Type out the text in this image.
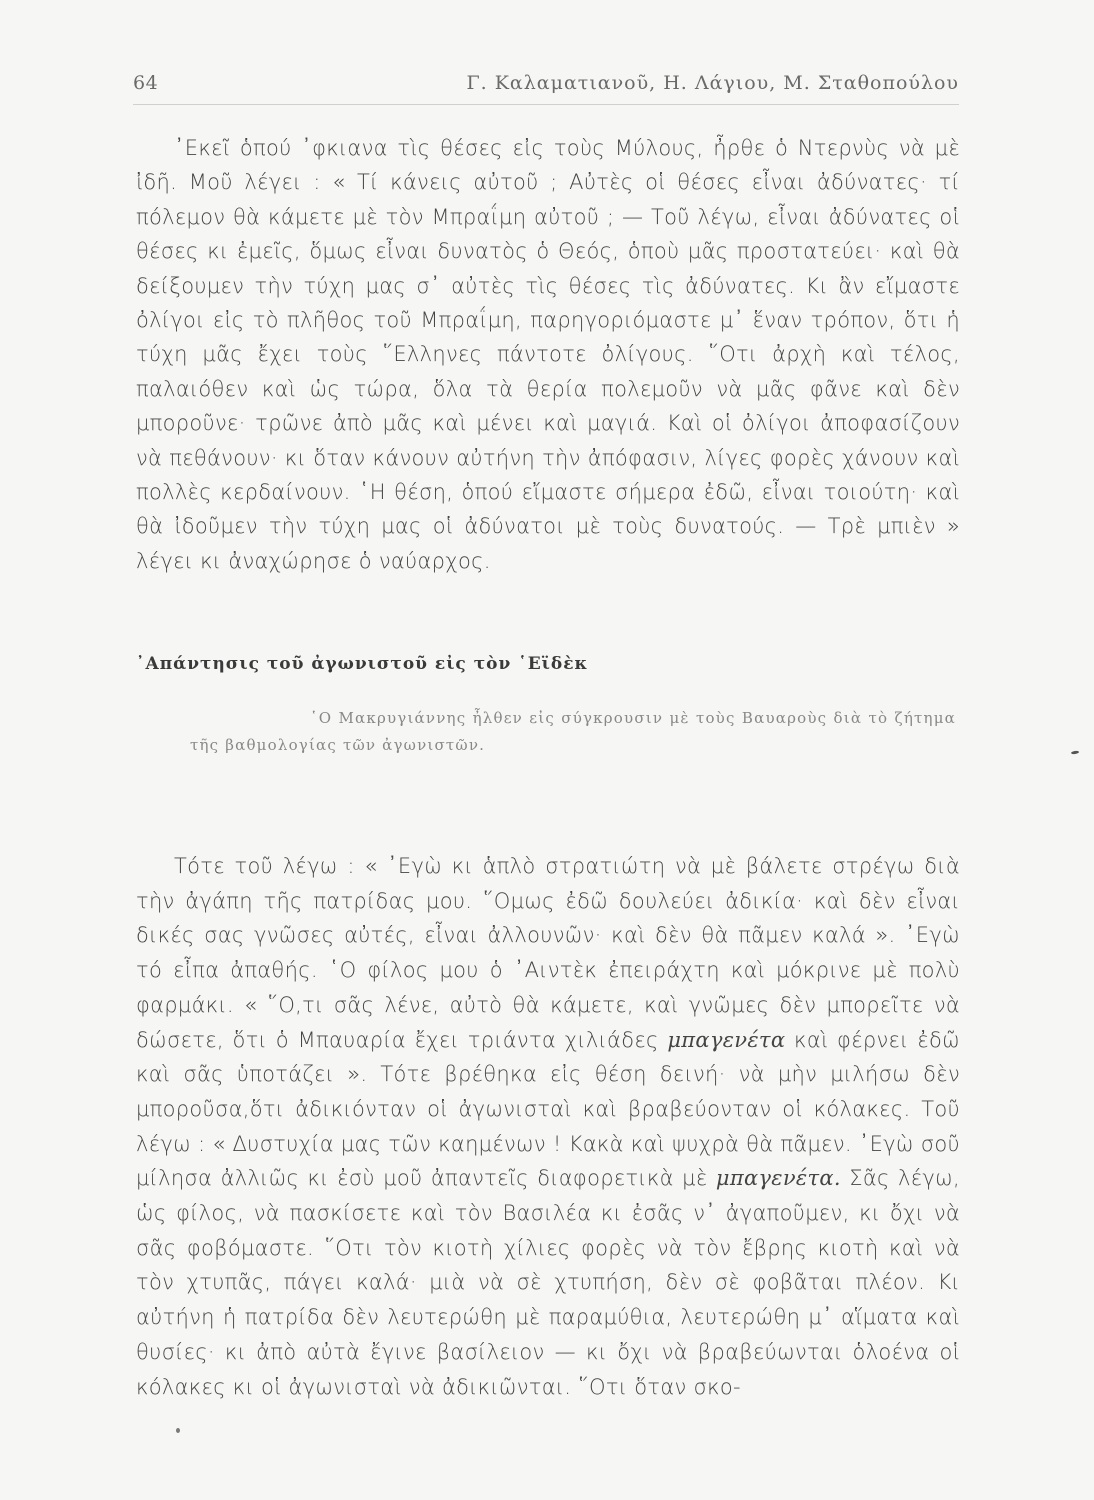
64	Γ. Καλαματιανοῦ, Η. Λάγιου, Μ. Σταθοπούλου

᾿Εκεῖ ὁπού ᾿φκιανα τὶς θέσες εἰς τοὺς Μύλους, ἦρθε ὁ Ντερνὺς νὰ μὲ ἰδῆ. Μοῦ λέγει : « Τί κάνεις αὐτοῦ ; Αὐτὲς οἱ θέσες εἶναι ἀδύνατες· τί πόλεμον θὰ κάμετε μὲ τὸν Μπραΐμη αὐτοῦ ; — Τοῦ λέγω, εἶναι ἀδύνατες οἱ θέσες κι ἐμεῖς, ὅμως εἶναι δυνατὸς ὁ Θεός, ὁποὺ μᾶς προστατεύει· καὶ θὰ δείξουμεν τὴν τύχη μας σ᾿ αὐτὲς τὶς θέσες τὶς ἀδύνατες. Κι ἂν εἴμαστε ὀλίγοι εἰς τὸ πλῆθος τοῦ Μπραΐμη, παρηγοριόμαστε μ᾿ ἕναν τρόπον, ὅτι ἡ τύχη μᾶς ἔχει τοὺς ῞Ελληνες πάντοτε ὀλίγους. ῞Οτι ἀρχὴ καὶ τέλος, παλαιόθεν καὶ ὡς τώρα, ὅλα τὰ θερία πολεμοῦν νὰ μᾶς φᾶνε καὶ δὲν μποροῦνε· τρῶνε ἀπὸ μᾶς καὶ μένει καὶ μαγιά. Καὶ οἱ ὀλίγοι ἀποφασίζουν νὰ πεθάνουν· κι ὅταν κάνουν αὐτήνη τὴν ἀπόφασιν, λίγες φορὲς χάνουν καὶ πολλὲς κερδαίνουν. ῾Η θέση, ὁπού εἴμαστε σήμερα ἐδῶ, εἶναι τοιούτη· καὶ θὰ ἰδοῦμεν τὴν τύχη μας οἱ ἀδύνατοι μὲ τοὺς δυνατούς. — Τρὲ μπιὲν » λέγει κι ἀναχώρησε ὁ ναύαρχος.

᾿Απάντησις τοῦ ἀγωνιστοῦ εἰς τὸν ῾Εϊδὲκ
῾Ο Μακρυγιάννης ἦλθεν εἰς σύγκρουσιν μὲ τοὺς Βαυαροὺς διὰ τὸ ζήτημα τῆς βαθμολογίας τῶν ἀγωνιστῶν.

Τότε τοῦ λέγω : « ᾿Εγὼ κι ἁπλὸ στρατιώτη νὰ μὲ βάλετε στρέγω διὰ τὴν ἀγάπη τῆς πατρίδας μου. ῞Ομως ἐδῶ δουλεύει ἀδικία· καὶ δὲν εἶναι δικές σας γνῶσες αὐτές, εἶναι ἀλλουνῶν· καὶ δὲν θὰ πᾶμεν καλά ». ᾿Εγὼ τό εἶπα ἀπαθής. ῾Ο φίλος μου ὁ ᾿Αιντὲκ ἐπειράχτη καὶ μόκρινε μὲ πολὺ φαρμάκι. « ῞Ο,τι σᾶς λένε, αὐτὸ θὰ κάμετε, καὶ γνῶμες δὲν μπορεῖτε νὰ δώσετε, ὅτι ὁ Μπαυαρία ἔχει τριάντα χιλιάδες μπαγενέτα καὶ φέρνει ἐδῶ καὶ σᾶς ὑποτάζει ». Τότε βρέθηκα εἰς θέση δεινή· νὰ μὴν μιλήσω δὲν μποροῦσα,ὅτι ἀδικιόνταν οἱ ἀγωνισταὶ καὶ βραβεύονταν οἱ κόλακες. Τοῦ λέγω : « Δυστυχία μας τῶν καημένων ! Κακὰ καὶ ψυχρὰ θὰ πᾶμεν. ᾿Εγὼ σοῦ μίλησα ἀλλιῶς κι ἐσὺ μοῦ ἀπαντεῖς διαφορετικὰ μὲ μπαγενέτα. Σᾶς λέγω, ὡς φίλος, νὰ πασκίσετε καὶ τὸν Βασιλέα κι ἐσᾶς ν᾿ ἀγαποῦμεν, κι ὄχι νὰ σᾶς φοβόμαστε. ῞Οτι τὸν κιοτὴ χίλιες φορὲς νὰ τὸν ἔβρης κιοτὴ καὶ νὰ τὸν χτυπᾶς, πάγει καλά· μιὰ νὰ σὲ χτυπήση, δὲν σὲ φοβᾶται πλέον. Κι αὐτήνη ἡ πατρίδα δὲν λευτερώθη μὲ παραμύθια, λευτερώθη μ᾿ αἵματα καὶ θυσίες· κι ἀπὸ αὐτὰ ἔγινε βασίλειον — κι ὄχι νὰ βραβεύωνται ὁλοένα οἱ κόλακες κι οἱ ἀγωνισταὶ νὰ ἀδικιῶνται. ῞Οτι ὅταν σκο-
